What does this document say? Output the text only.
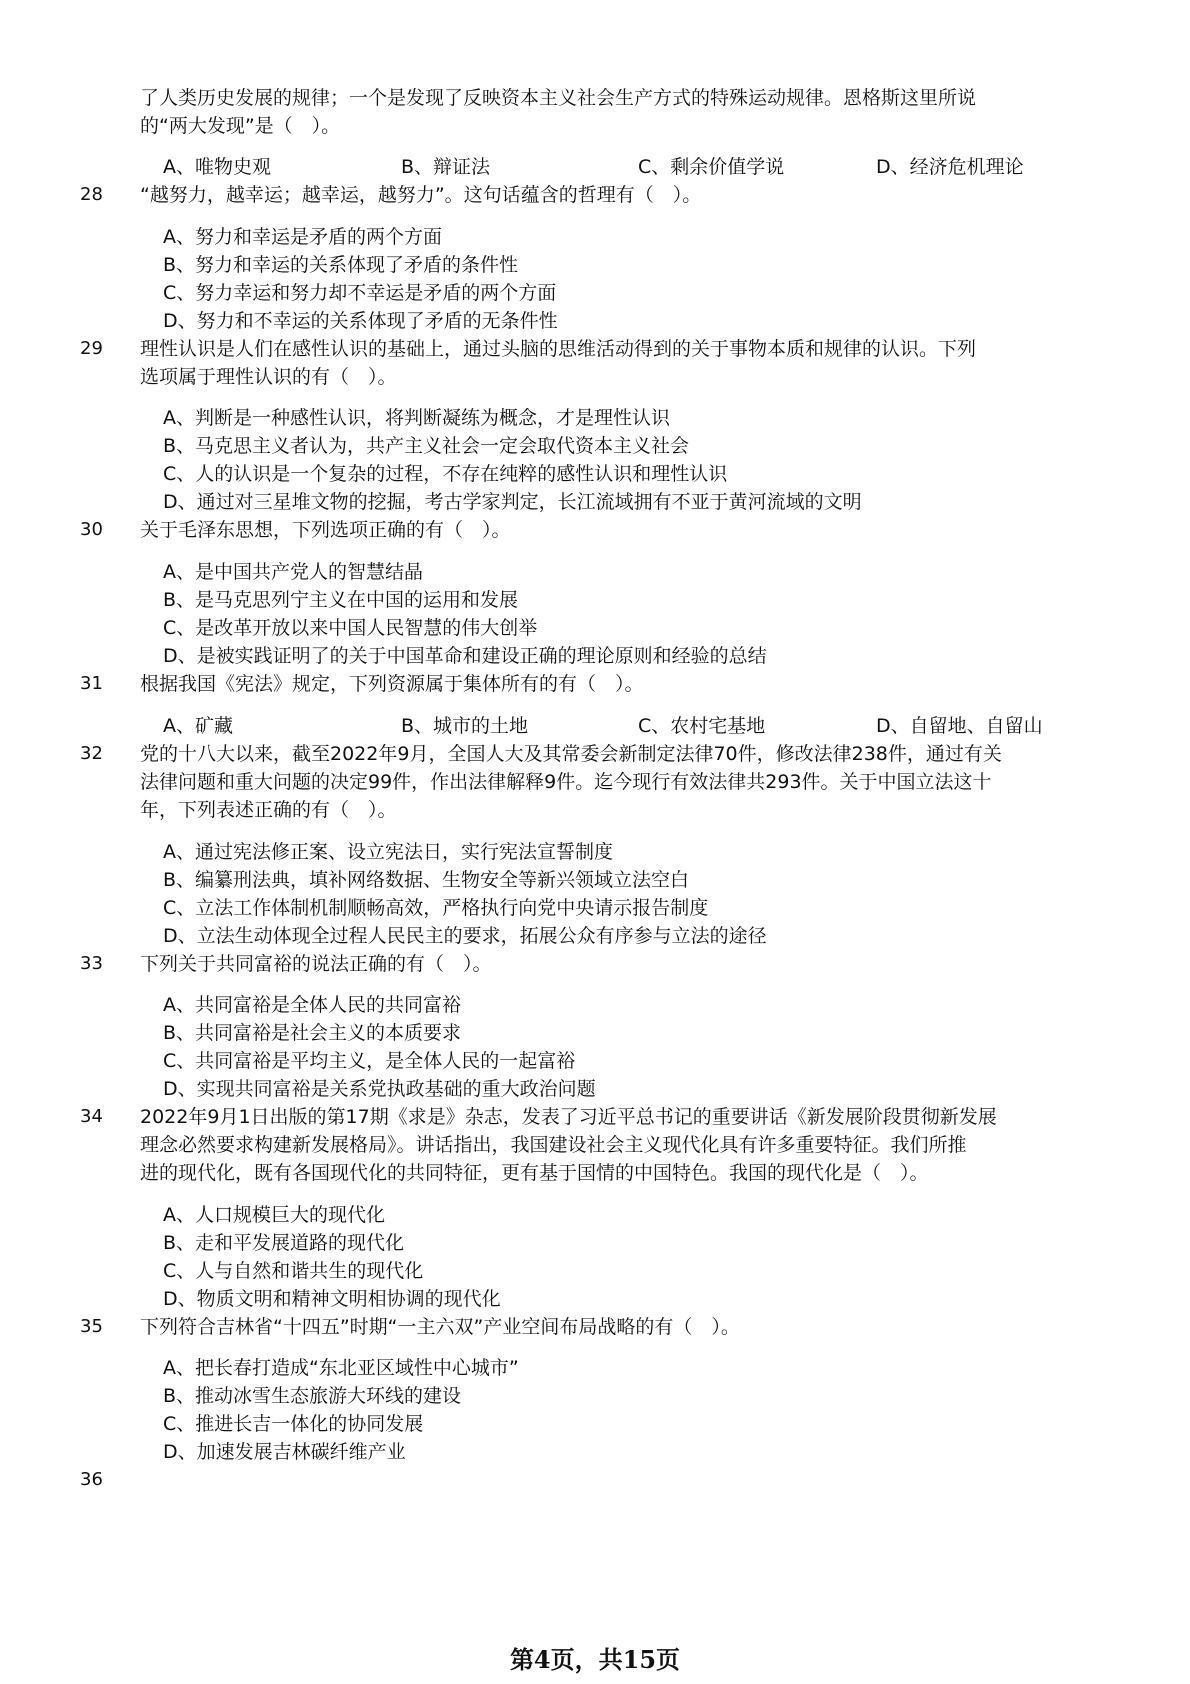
了人类历史发展的规律；一个是发现了反映资本主义社会生产方式的特殊运动规律。恩格斯这里所说
的“两大发现”是（　）。
A、唯物史观	B、辩证法	C、剩余价值学说	D、经济危机理论
28 “越努力，越幸运；越幸运，越努力”。这句话蕴含的哲理有（　）。
A、努力和幸运是矛盾的两个方面
B、努力和幸运的关系体现了矛盾的条件性
C、努力幸运和努力却不幸运是矛盾的两个方面
D、努力和不幸运的关系体现了矛盾的无条件性
29 理性认识是人们在感性认识的基础上，通过头脑的思维活动得到的关于事物本质和规律的认识。下列
选项属于理性认识的有（　）。
A、判断是一种感性认识，将判断凝练为概念，才是理性认识
B、马克思主义者认为，共产主义社会一定会取代资本主义社会
C、人的认识是一个复杂的过程，不存在纯粹的感性认识和理性认识
D、通过对三星堆文物的挖掘，考古学家判定，长江流域拥有不亚于黄河流域的文明
30 关于毛泽东思想，下列选项正确的有（　）。
A、是中国共产党人的智慧结晶
B、是马克思列宁主义在中国的运用和发展
C、是改革开放以来中国人民智慧的伟大创举
D、是被实践证明了的关于中国革命和建设正确的理论原则和经验的总结
31 根据我国《宪法》规定，下列资源属于集体所有的有（　）。
A、矿藏	B、城市的土地	C、农村宅基地	D、自留地、自留山
32 党的十八大以来，截至2022年9月，全国人大及其常委会新制定法律70件，修改法律238件，通过有关
法律问题和重大问题的决定99件，作出法律解释9件。迄今现行有效法律共293件。关于中国立法这十
年，下列表述正确的有（　）。
A、通过宪法修正案、设立宪法日，实行宪法宣誓制度
B、编纂刑法典，填补网络数据、生物安全等新兴领域立法空白
C、立法工作体制机制顺畅高效，严格执行向党中央请示报告制度
D、立法生动体现全过程人民民主的要求，拓展公众有序参与立法的途径
33 下列关于共同富裕的说法正确的有（　）。
A、共同富裕是全体人民的共同富裕
B、共同富裕是社会主义的本质要求
C、共同富裕是平均主义，是全体人民的一起富裕
D、实现共同富裕是关系党执政基础的重大政治问题
34 2022年9月1日出版的第17期《求是》杂志，发表了习近平总书记的重要讲话《新发展阶段贯彻新发展
理念必然要求构建新发展格局》。讲话指出，我国建设社会主义现代化具有许多重要特征。我们所推
进的现代化，既有各国现代化的共同特征，更有基于国情的中国特色。我国的现代化是（　）。
A、人口规模巨大的现代化
B、走和平发展道路的现代化
C、人与自然和谐共生的现代化
D、物质文明和精神文明相协调的现代化
35 下列符合吉林省“十四五”时期“一主六双”产业空间布局战略的有（　）。
A、把长春打造成“东北亚区域性中心城市”
B、推动冰雪生态旅游大环线的建设
C、推进长吉一体化的协同发展
D、加速发展吉林碳纤维产业
36
第4页，共15页
